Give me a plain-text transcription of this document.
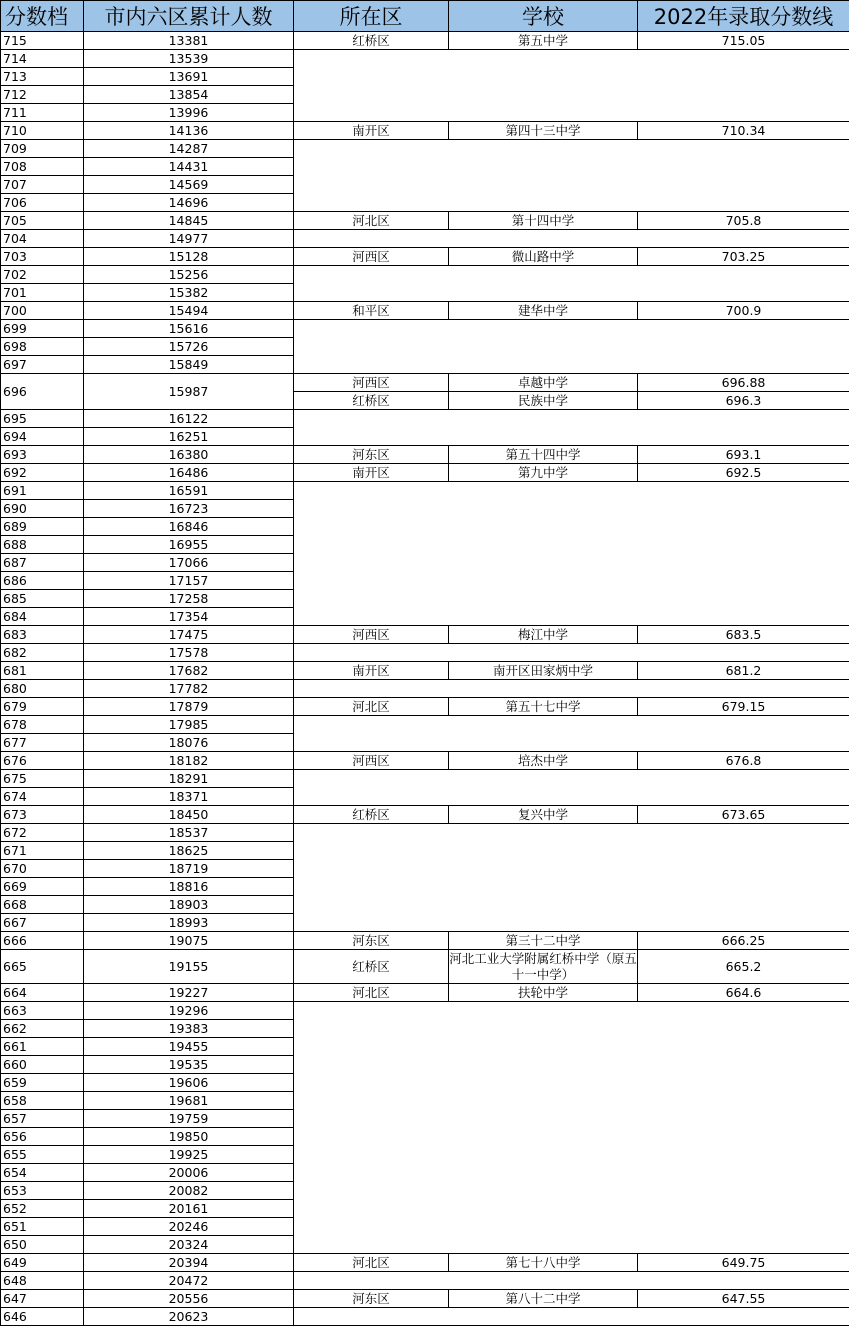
分数档	市内六区累计人数	所在区	学校	2022年录取分数线
715	13381	红桥区	第五中学	715.05
714	13539			
713	13691			
712	13854			
711	13996			
710	14136	南开区	第四十三中学	710.34
709	14287			
708	14431			
707	14569			
706	14696			
705	14845	河北区	第十四中学	705.8
704	14977			
703	15128	河西区	微山路中学	703.25
702	15256			
701	15382			
700	15494	和平区	建华中学	700.9
699	15616			
698	15726			
697	15849			
696	15987	河西区	卓越中学	696.88
		红桥区	民族中学	696.3
695	16122			
694	16251			
693	16380	河东区	第五十四中学	693.1
692	16486	南开区	第九中学	692.5
691	16591			
690	16723			
689	16846			
688	16955			
687	17066			
686	17157			
685	17258			
684	17354			
683	17475	河西区	梅江中学	683.5
682	17578			
681	17682	南开区	南开区田家炳中学	681.2
680	17782			
679	17879	河北区	第五十七中学	679.15
678	17985			
677	18076			
676	18182	河西区	培杰中学	676.8
675	18291			
674	18371			
673	18450	红桥区	复兴中学	673.65
672	18537			
671	18625			
670	18719			
669	18816			
668	18903			
667	18993			
666	19075	河东区	第三十二中学	666.25
665	19155	红桥区	河北工业大学附属红桥中学（原五十一中学）	665.2
664	19227	河北区	扶轮中学	664.6
663	19296			
662	19383			
661	19455			
660	19535			
659	19606			
658	19681			
657	19759			
656	19850			
655	19925			
654	20006			
653	20082			
652	20161			
651	20246			
650	20324			
649	20394	河北区	第七十八中学	649.75
648	20472			
647	20556	河东区	第八十二中学	647.55
646	20623			
